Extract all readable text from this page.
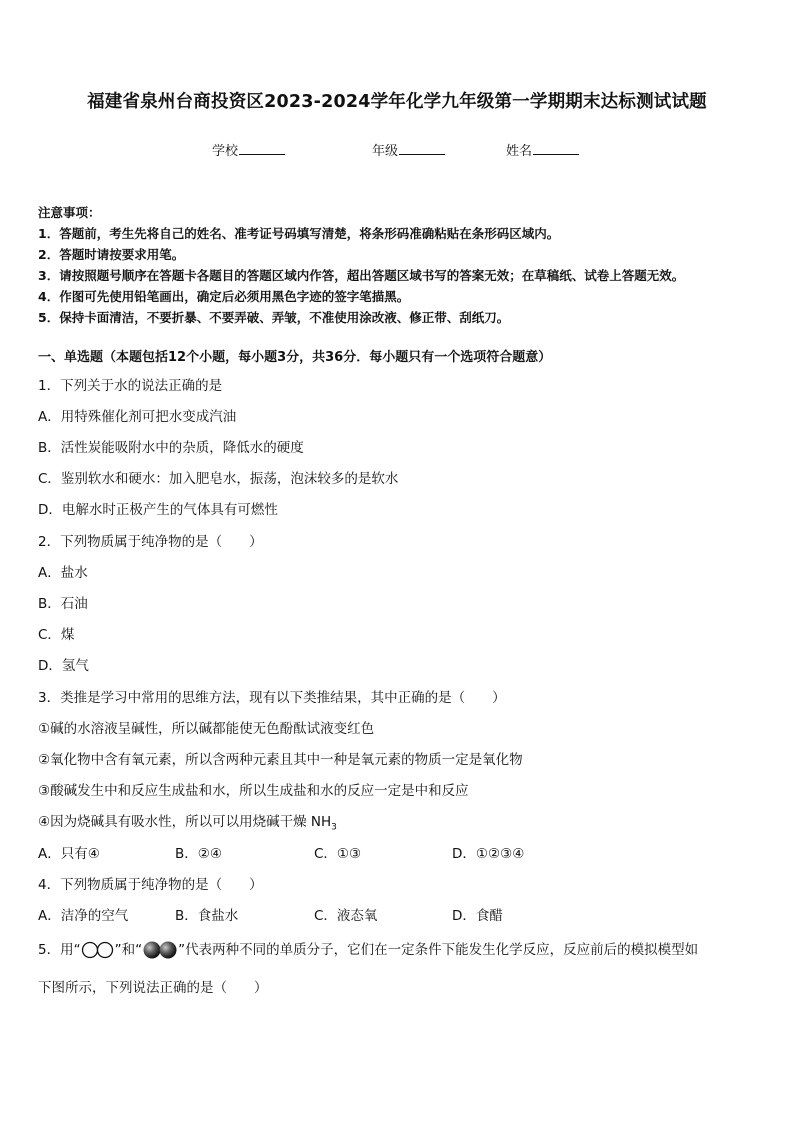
福建省泉州台商投资区2023-2024学年化学九年级第一学期期末达标测试试题
学校	年级	姓名
注意事项：
1．答题前，考生先将自己的姓名、准考证号码填写清楚，将条形码准确粘贴在条形码区域内。
2．答题时请按要求用笔。
3．请按照题号顺序在答题卡各题目的答题区域内作答，超出答题区域书写的答案无效；在草稿纸、试卷上答题无效。
4．作图可先使用铅笔画出，确定后必须用黑色字迹的签字笔描黑。
5．保持卡面清洁，不要折暴、不要弄破、弄皱，不准使用涂改液、修正带、刮纸刀。
一、单选题（本题包括12个小题，每小题3分，共36分．每小题只有一个选项符合题意）
1．下列关于水的说法正确的是
A．用特殊催化剂可把水变成汽油
B．活性炭能吸附水中的杂质，降低水的硬度
C．鉴别软水和硬水：加入肥皂水，振荡，泡沫较多的是软水
D．电解水时正极产生的气体具有可燃性
2．下列物质属于纯净物的是（　　）
A．盐水
B．石油
C．煤
D．氢气
3．类推是学习中常用的思维方法，现有以下类推结果，其中正确的是（　　）
①碱的水溶液呈碱性，所以碱都能使无色酚酞试液变红色
②氧化物中含有氧元素，所以含两种元素且其中一种是氧元素的物质一定是氧化物
③酸碱发生中和反应生成盐和水，所以生成盐和水的反应一定是中和反应
④因为烧碱具有吸水性，所以可以用烧碱干燥 $NH_3$
A．只有④	B．②④	C．①③	D．①②③④
4．下列物质属于纯净物的是（　　）
A．洁净的空气	B．食盐水	C．液态氧	D．食醋
5．用“	”和“	”代表两种不同的单质分子，它们在一定条件下能发生化学反应，反应前后的模拟模型如
下图所示，下列说法正确的是（　　）
